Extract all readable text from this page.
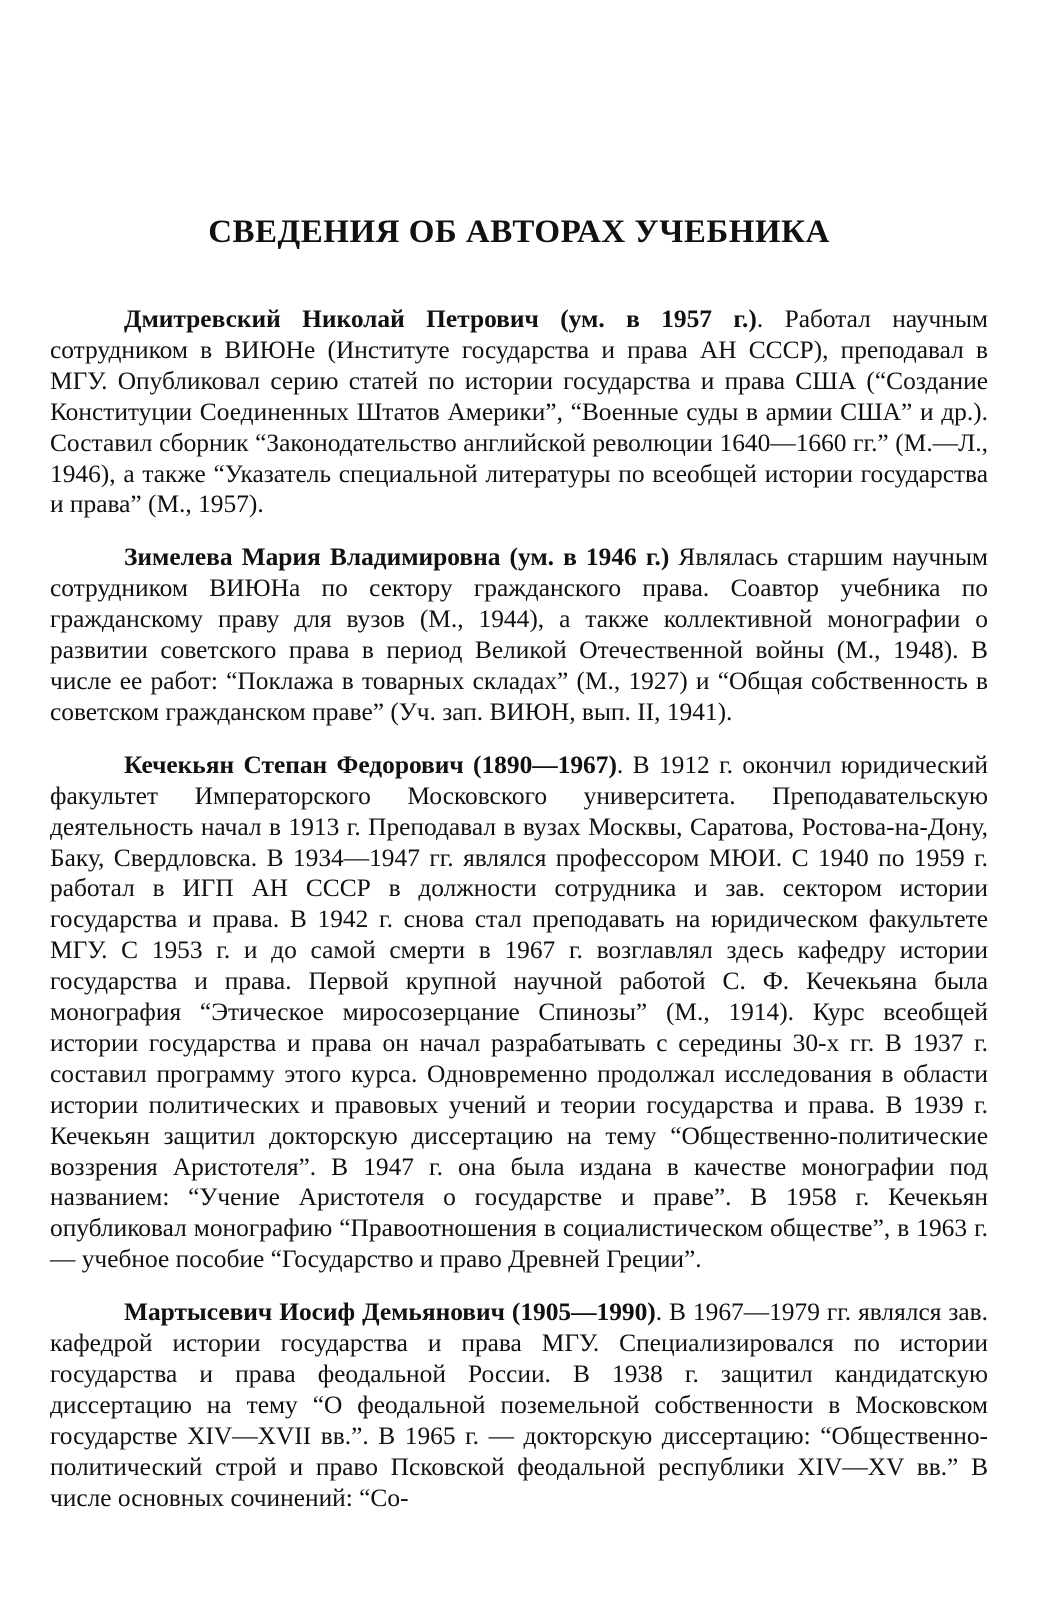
СВЕДЕНИЯ ОБ АВТОРАХ УЧЕБНИКА

Дмитревский Николай Петрович (ум. в 1957 г.). Работал научным сотрудником в ВИЮНе (Институте государства и права АН СССР), преподавал в МГУ. Опубликовал серию статей по истории государства и права США (“Создание Конституции Соединенных Штатов Америки”, “Военные суды в армии США” и др.). Составил сборник “Законодательство английской революции 1640—1660 гг.” (М.—Л., 1946), а также “Указатель специальной литературы по всеобщей истории государства и права” (М., 1957).

Зимелева Мария Владимировна (ум. в 1946 г.) Являлась старшим научным сотрудником ВИЮНа по сектору гражданского права. Соавтор учебника по гражданскому праву для вузов (М., 1944), а также коллективной монографии о развитии советского права в период Великой Отечественной войны (М., 1948). В числе ее работ: “Поклажа в товарных складах” (М., 1927) и “Общая собственность в советском гражданском праве” (Уч. зап. ВИЮН, вып. II, 1941).

Кечекьян Степан Федорович (1890—1967). В 1912 г. окончил юридический факультет Императорского Московского университета. Преподавательскую деятельность начал в 1913 г. Преподавал в вузах Москвы, Саратова, Ростова-на-Дону, Баку, Свердловска. В 1934—1947 гг. являлся профессором МЮИ. С 1940 по 1959 г. работал в ИГП АН СССР в должности сотрудника и зав. сектором истории государства и права. В 1942 г. снова стал преподавать на юридическом факультете МГУ. С 1953 г. и до самой смерти в 1967 г. возглавлял здесь кафедру истории государства и права. Первой крупной научной работой С. Ф. Кечекьяна была монография “Этическое миросозерцание Спинозы” (М., 1914). Курс всеобщей истории государства и права он начал разрабатывать с середины 30-х гг. В 1937 г. составил программу этого курса. Одновременно продолжал исследования в области истории политических и правовых учений и теории государства и права. В 1939 г. Кечекьян защитил докторскую диссертацию на тему “Общественно-политические воззрения Аристотеля”. В 1947 г. она была издана в качестве монографии под названием: “Учение Аристотеля о государстве и праве”. В 1958 г. Кечекьян опубликовал монографию “Правоотношения в социалистическом обществе”, в 1963 г. — учебное пособие “Государство и право Древней Греции”.

Мартысевич Иосиф Демьянович (1905—1990). В 1967—1979 гг. являлся зав. кафедрой истории государства и права МГУ. Специализировался по истории государства и права феодальной России. В 1938 г. защитил кандидатскую диссертацию на тему “О феодальной поземельной собственности в Московском государстве XIV—XVII вв.”. В 1965 г. — докторскую диссертацию: “Общественно-политический строй и право Псковской феодальной республики XIV—XV вв.” В числе основных сочинений: “Со-
